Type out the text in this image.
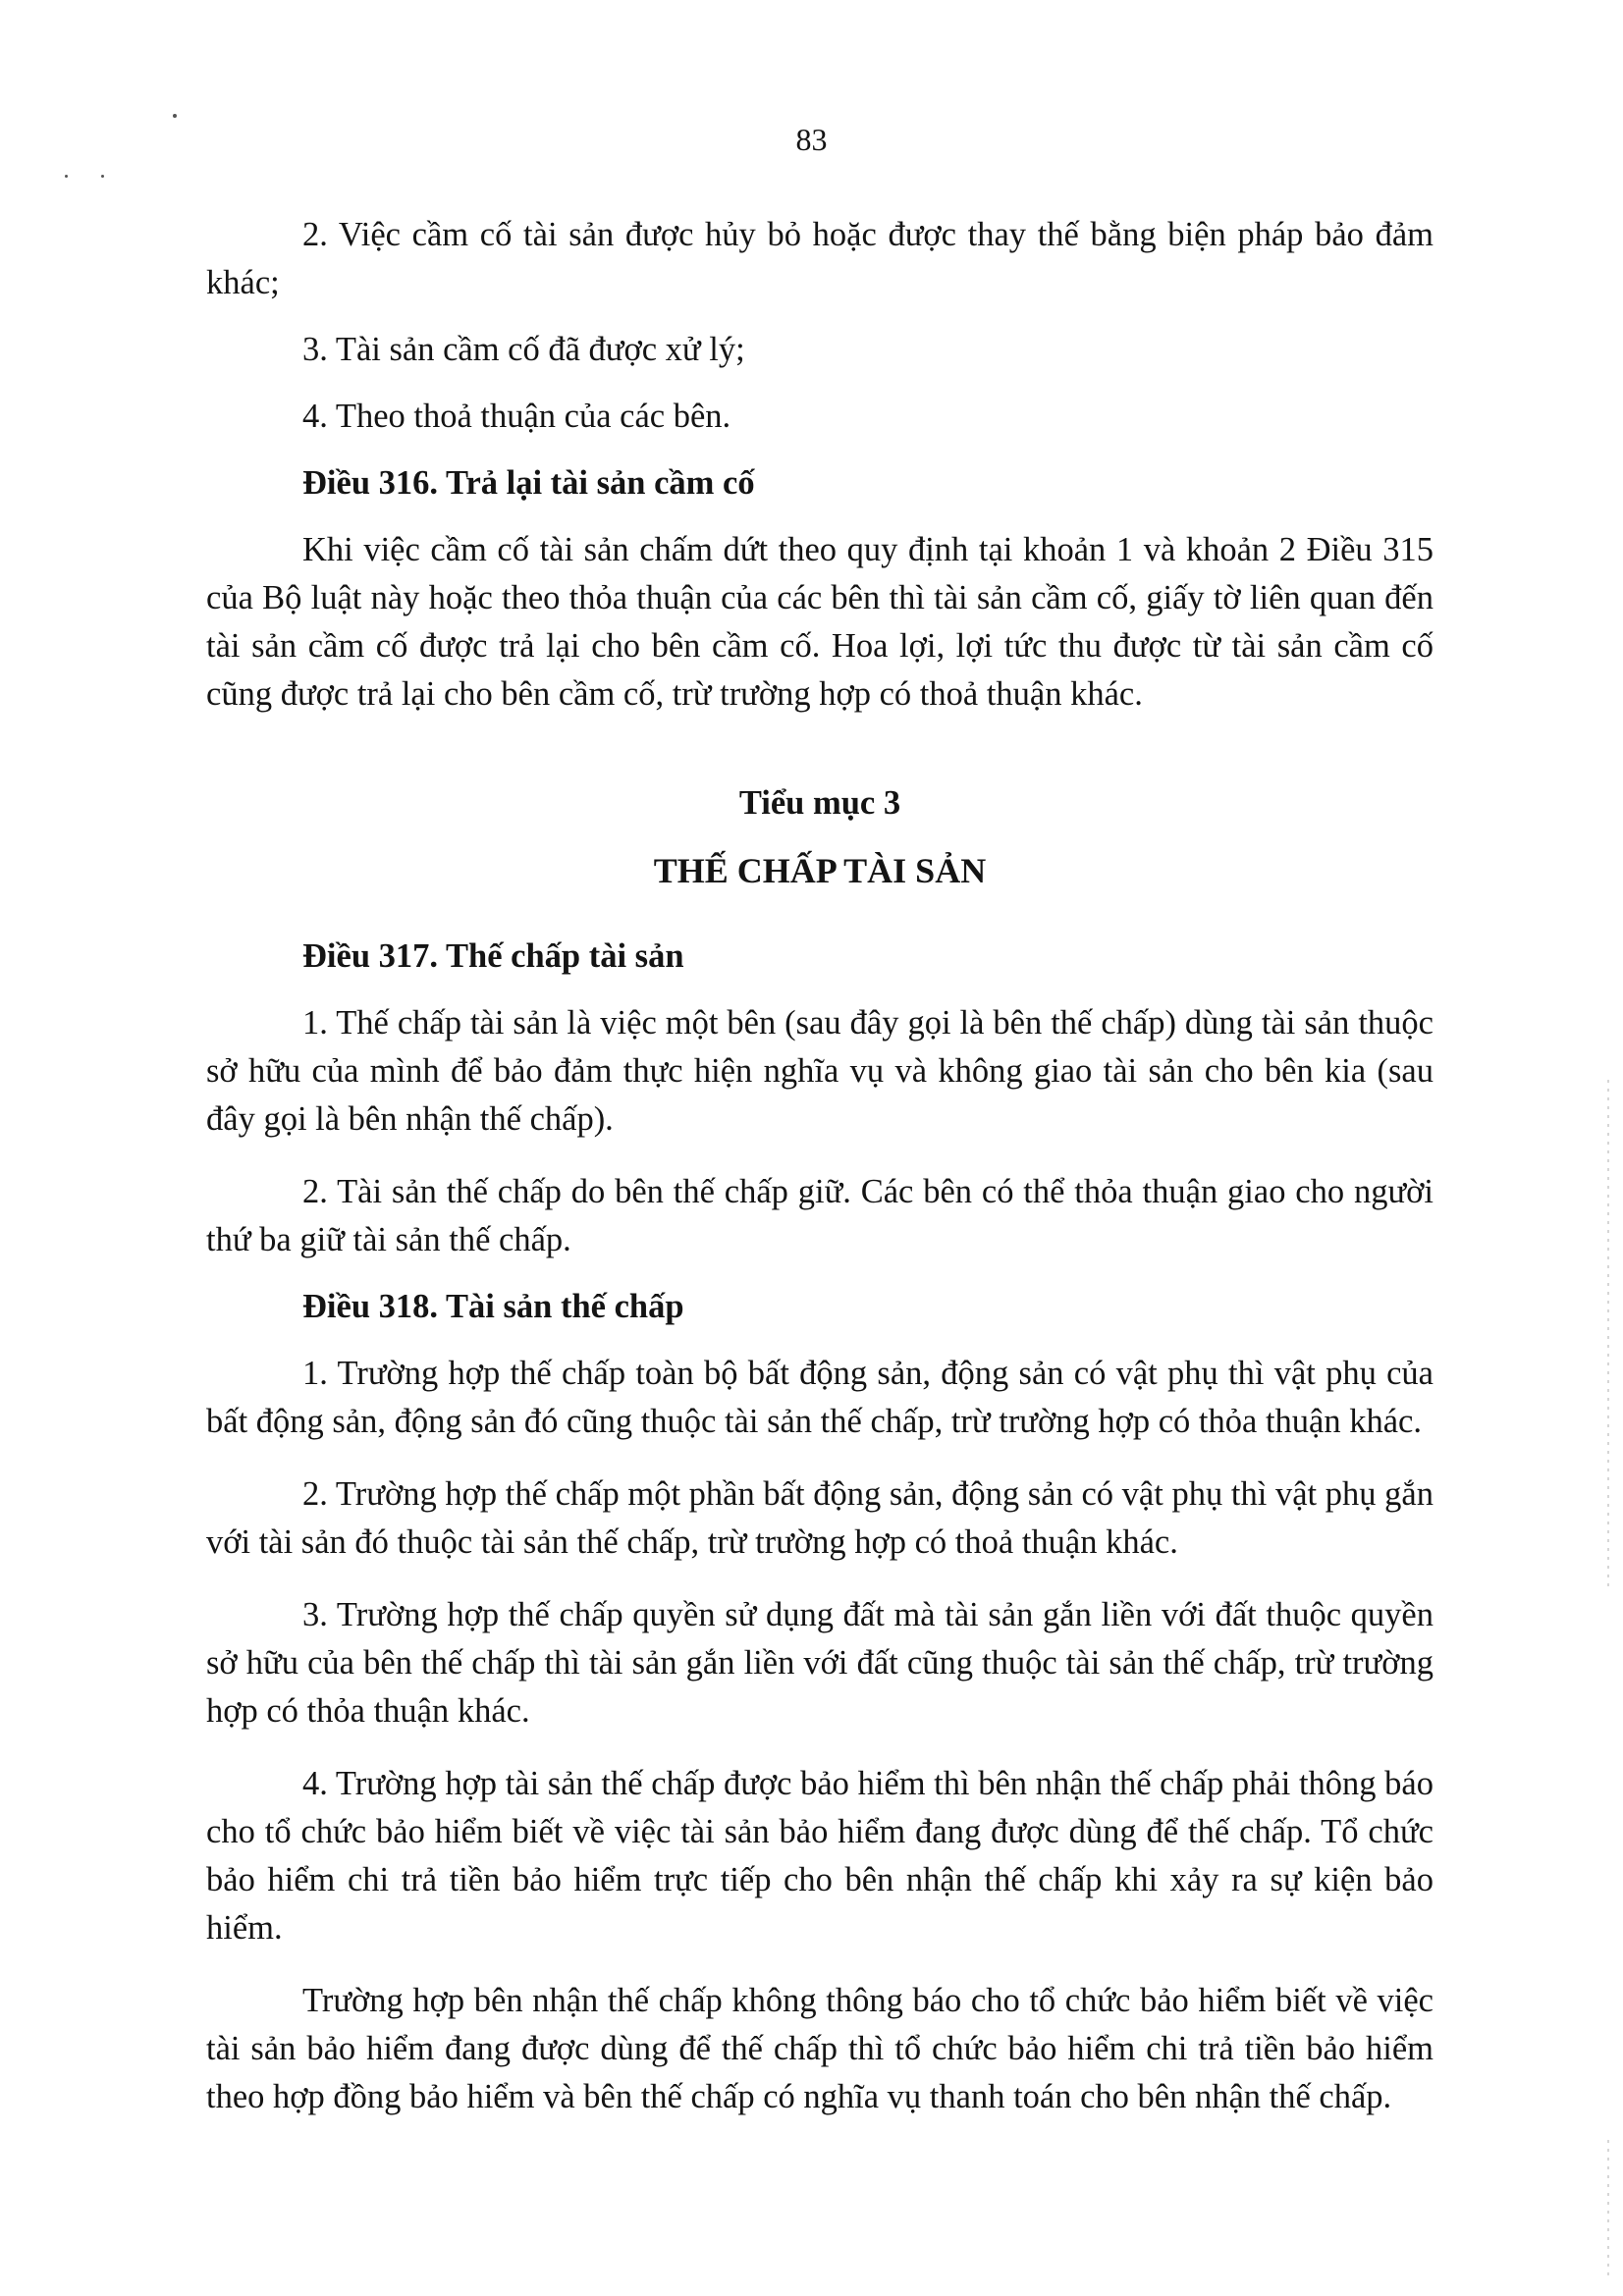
83

2. Việc cầm cố tài sản được hủy bỏ hoặc được thay thế bằng biện pháp bảo đảm khác;

3. Tài sản cầm cố đã được xử lý;

4. Theo thoả thuận của các bên.

Điều 316. Trả lại tài sản cầm cố

Khi việc cầm cố tài sản chấm dứt theo quy định tại khoản 1 và khoản 2 Điều 315 của Bộ luật này hoặc theo thỏa thuận của các bên thì tài sản cầm cố, giấy tờ liên quan đến tài sản cầm cố được trả lại cho bên cầm cố. Hoa lợi, lợi tức thu được từ tài sản cầm cố cũng được trả lại cho bên cầm cố, trừ trường hợp có thoả thuận khác.

Tiểu mục 3

THẾ CHẤP TÀI SẢN

Điều 317. Thế chấp tài sản

1. Thế chấp tài sản là việc một bên (sau đây gọi là bên thế chấp) dùng tài sản thuộc sở hữu của mình để bảo đảm thực hiện nghĩa vụ và không giao tài sản cho bên kia (sau đây gọi là bên nhận thế chấp).

2. Tài sản thế chấp do bên thế chấp giữ. Các bên có thể thỏa thuận giao cho người thứ ba giữ tài sản thế chấp.

Điều 318. Tài sản thế chấp

1. Trường hợp thế chấp toàn bộ bất động sản, động sản có vật phụ thì vật phụ của bất động sản, động sản đó cũng thuộc tài sản thế chấp, trừ trường hợp có thỏa thuận khác.

2. Trường hợp thế chấp một phần bất động sản, động sản có vật phụ thì vật phụ gắn với tài sản đó thuộc tài sản thế chấp, trừ trường hợp có thoả thuận khác.

3. Trường hợp thế chấp quyền sử dụng đất mà tài sản gắn liền với đất thuộc quyền sở hữu của bên thế chấp thì tài sản gắn liền với đất cũng thuộc tài sản thế chấp, trừ trường hợp có thỏa thuận khác.

4. Trường hợp tài sản thế chấp được bảo hiểm thì bên nhận thế chấp phải thông báo cho tổ chức bảo hiểm biết về việc tài sản bảo hiểm đang được dùng để thế chấp. Tổ chức bảo hiểm chi trả tiền bảo hiểm trực tiếp cho bên nhận thế chấp khi xảy ra sự kiện bảo hiểm.

Trường hợp bên nhận thế chấp không thông báo cho tổ chức bảo hiểm biết về việc tài sản bảo hiểm đang được dùng để thế chấp thì tổ chức bảo hiểm chi trả tiền bảo hiểm theo hợp đồng bảo hiểm và bên thế chấp có nghĩa vụ thanh toán cho bên nhận thế chấp.
